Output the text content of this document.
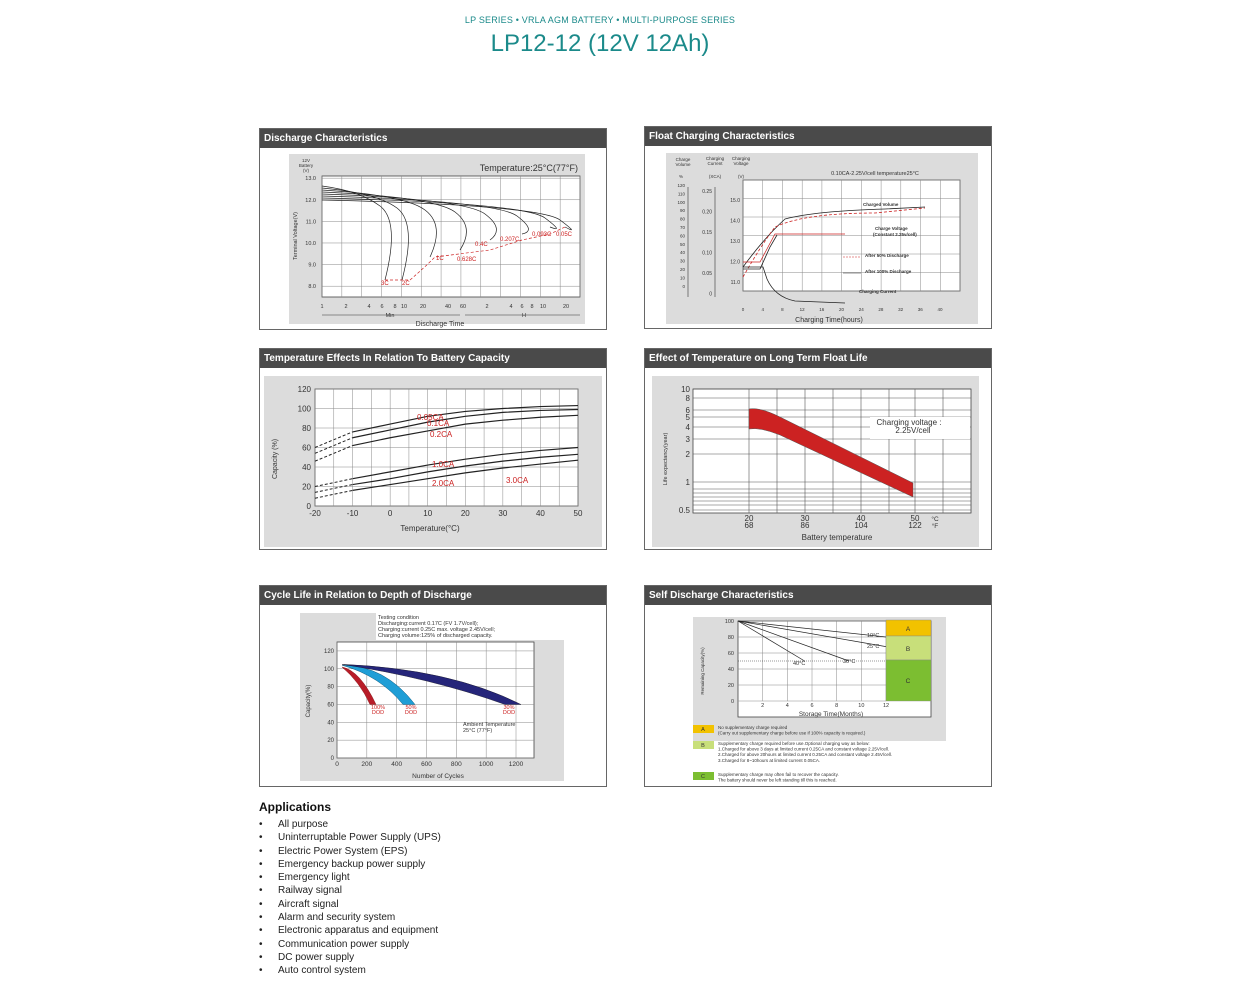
LP SERIES • VRLA AGM BATTERY • MULTI-PURPOSE SERIES
LP12-12 (12V 12Ah)
Discharge Characteristics
12V
Battery
(V)	Temperature:25°C(77°F)
13.0
12.0
11.0
10.0
9.0
8.0
Terminal Voltage(V)
1	2	4 6 8 10 20	40 60	2	4 6 8 10	20
Min	H
Discharge Time
3C 2C
1C 0.628C
0.4C
0.207C
0.093C 0.05C
Float Charging Characteristics
Charge
Volume
Charging
Current
Charging
Voltage
%	(XCA)	(V)	0.10CA-2.25V/cell temperature25°C
120
110
100
90
80
70
60
50
40
30
20
10
0
0.25
0.20
0.15
0.10
0.05
0
15.0
14.0
13.0
12.0
11.0
0	4	8	12	16	20	24	28	32	36	40
Charging Time(hours)
Charged Volume
Charge Voltage
(Constant 2.25v/cell)
After 50% Discharge
After 100% Discharge
Charging Current
Temperature Effects In Relation To Battery Capacity
120
100
80
60
40
20
0
-20	-10	0	10	20	30	40	50
Capacity (%)
Temperature(°C)
0.05CA
0.1CA
0.2CA
1.0CA
2.0CA	3.0CA
Effect of Temperature on Long Term Float Life
10
8
6
5
4
3
2
1
0.5
Life expectancy(year)
20	30	40	50
68	86	104	122
°C
°F
Battery temperature
Charging voltage :
2.25V/cell
Cycle Life in Relation to Depth of Discharge
Testing condition
Discharging:current 0.17C (FV 1.7V/cell);
Charging:current 0.25C max. voltage 2.45V/cell;
Charging volume:125% of discharged capacity.
120
100
80
60
40
20
0
0	200	400	600	800	1000 1200
Capacity(%)
Number of Cycles
100%
DOD
50%
DOD
30%
DOD
Ambient Temperature
25°C (77°F)
Self Discharge Characteristics
0
20
40
60
80
100
2	4	6	8	10	12
Remaining Capacity(%)
Storage Time(Months)
10°C
25°C
40°C	30°C
A
B
C
A	No supplementary charge required
(Carry out supplementary charge before use if 100% capacity is required.)
B	Supplementary charge required before use.Optional charging way as below:
1.Charged for above 3 days at limited current 0.25CA and constant voltage 2.25V/cell.
2.Charged for above 20hours at limited current 0.25CA and constant voltage 2.45V/cell.
3.Charged for 8~10hours at limited current 0.05CA.
C	Supplementary charge may often fail to recover the capacity.
The battery should never be left standing till this is reached.
Applications
• All purpose
• Uninterruptable Power Supply (UPS)
• Electric Power System (EPS)
• Emergency backup power supply
• Emergency light
• Railway signal
• Aircraft signal
• Alarm and security system
• Electronic apparatus and equipment
• Communication power supply
• DC power supply
• Auto control system
